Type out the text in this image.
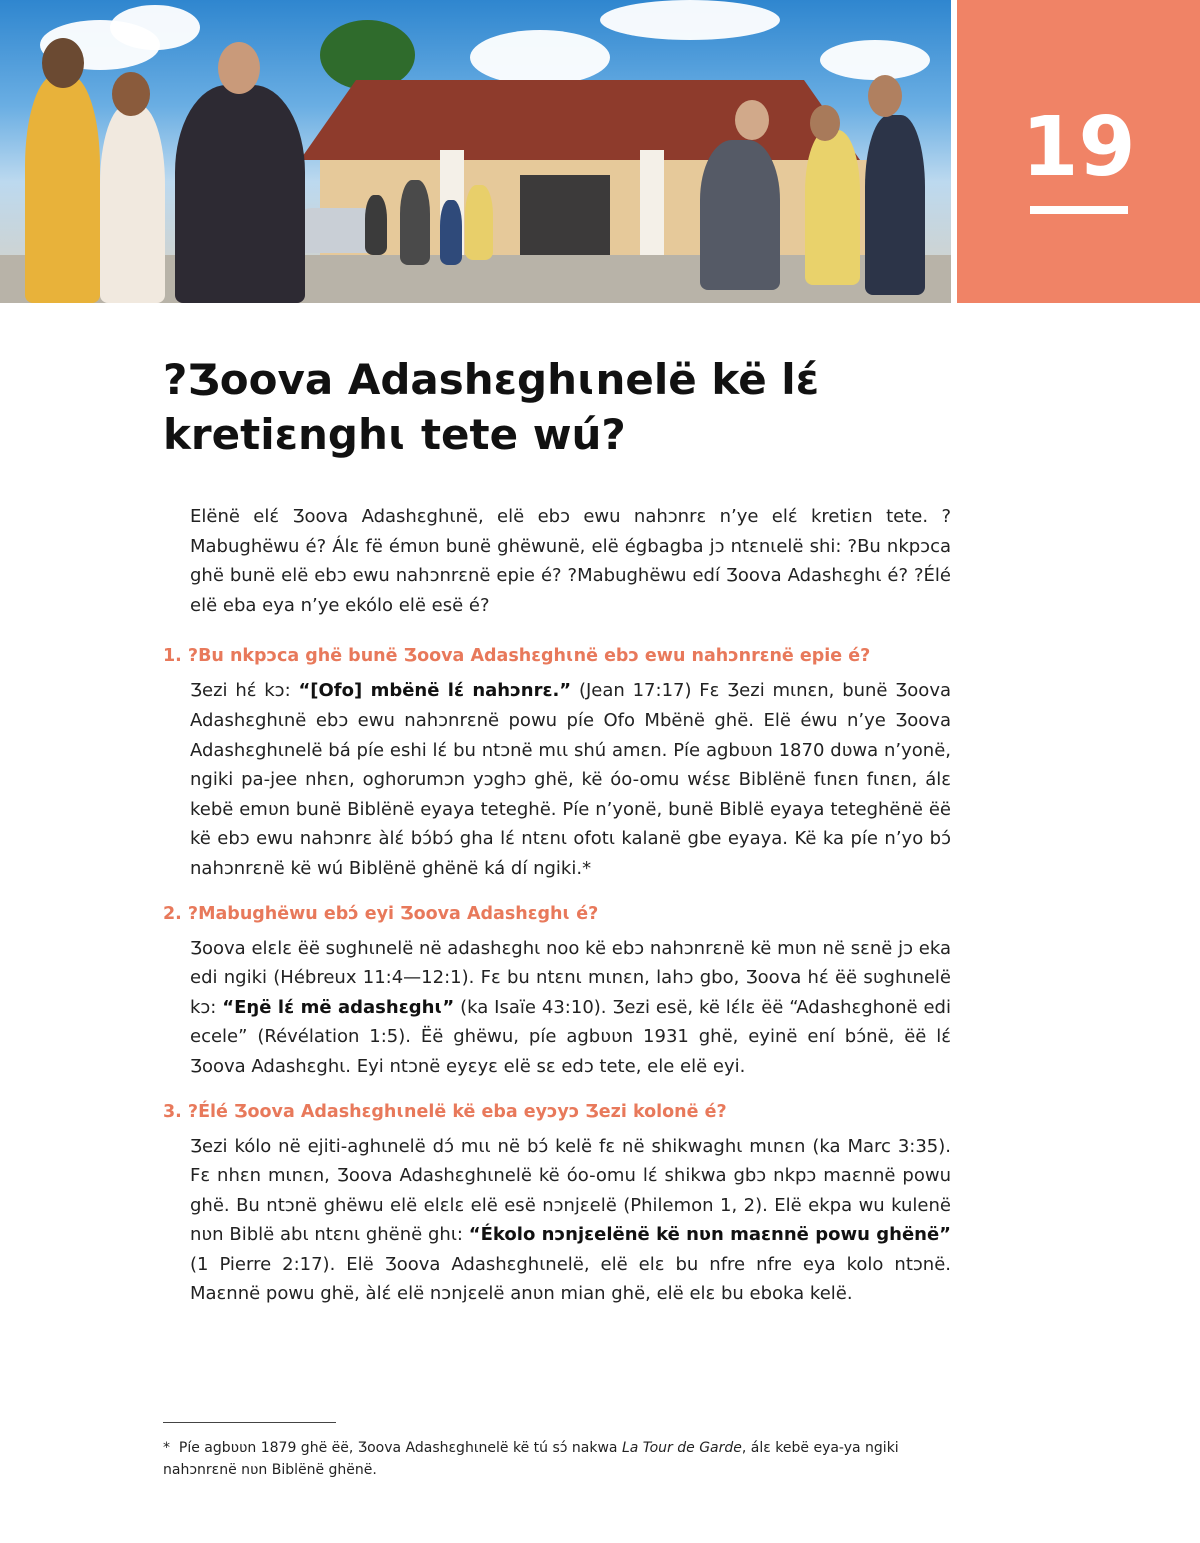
19
?Ʒoova Adashɛghɩnelë kë lɛ́ kretiɛnghɩ tete wú?

Elënë elɛ́ Ʒoova Adashɛghɩnë, elë ebɔ ewu nahɔnrɛ n’ye elɛ́ kretiɛn tete. ?Mabughëwu é? Álɛ fë émʋn bunë ghëwunë, elë égbagba jɔ ntɛnɩelë shi: ?Bu nkpɔca ghë bunë elë ebɔ ewu nahɔnrɛnë epie é? ?Mabughëwu edí Ʒoova Adashɛghɩ é? ?Élé elë eba eya n’ye ekólo elë esë é?

1. ?Bu nkpɔca ghë bunë Ʒoova Adashɛghɩnë ebɔ ewu nahɔnrɛnë epie é?

Ʒezi hɛ́ kɔ: “[Ofo] mbënë lɛ́ nahɔnrɛ.” (Jean 17:17) Fɛ Ʒezi mɩnɛn, bunë Ʒoova Adashɛghɩnë ebɔ ewu nahɔnrɛnë powu píe Ofo Mbënë ghë. Elë éwu n’ye Ʒoova Adashɛghɩnelë bá píe eshi lɛ́ bu ntɔnë mɩɩ shú amɛn. Píe agbʋʋn 1870 dʋwa n’yonë, ngiki pa-jee nhɛn, oghorumɔn yɔghɔ ghë, kë óo-omu wɛ́sɛ Biblënë fɩnɛn fɩnɛn, álɛ kebë emʋn bunë Biblënë eyaya teteghë. Píe n’yonë, bunë Biblë eyaya teteghënë ëë kë ebɔ ewu nahɔnrɛ àlɛ́ bɔ́bɔ́ gha lɛ́ ntɛnɩ ofotɩ kalanë gbe eyaya. Kë ka píe n’yo bɔ́ nahɔnrɛnë kë wú Biblënë ghënë ká dí ngiki.*

2. ?Mabughëwu ebɔ́ eyi Ʒoova Adashɛghɩ é?

Ʒoova elɛlɛ ëë sʋghɩnelë në adashɛghɩ noo kë ebɔ nahɔnrɛnë kë mʋn në sɛnë jɔ eka edi ngiki (Hébreux 11:4—12:1). Fɛ bu ntɛnɩ mɩnɛn, lahɔ gbo, Ʒoova hɛ́ ëë sʋghɩnelë kɔ: “Eŋë lɛ́ më adashɛghɩ” (ka Isaïe 43:10). Ʒezi esë, kë lɛ́lɛ ëë “Adashɛghonë edi ecele” (Révélation 1:5). Ëë ghëwu, píe agbʋʋn 1931 ghë, eyinë ení bɔ́në, ëë lɛ́ Ʒoova Adashɛghɩ. Eyi ntɔnë eyɛyɛ elë sɛ edɔ tete, ele elë eyi.

3. ?Élé Ʒoova Adashɛghɩnelë kë eba eyɔyɔ Ʒezi kolonë é?

Ʒezi kólo në ejiti-aghɩnelë dɔ́ mɩɩ në bɔ́ kelë fɛ në shikwaghɩ mɩnɛn (ka Marc 3:35). Fɛ nhɛn mɩnɛn, Ʒoova Adashɛghɩnelë kë óo-omu lɛ́ shikwa gbɔ nkpɔ maɛnnë powu ghë. Bu ntɔnë ghëwu elë elɛlɛ elë esë nɔnjɛelë (Philemon 1, 2). Elë ekpa wu kulenë nʋn Biblë abɩ ntɛnɩ ghënë ghɩ: “Ékolo nɔnjɛelënë kë nʋn maɛnnë powu ghënë” (1 Pierre 2:17). Elë Ʒoova Adashɛghɩnelë, elë elɛ bu nfre nfre eya kolo ntɔnë. Maɛnnë powu ghë, àlɛ́ elë nɔnjɛelë anʋn mian ghë, elë elɛ bu eboka kelë.

* Píe agbʋʋn 1879 ghë ëë, Ʒoova Adashɛghɩnelë kë tú sɔ́ nakwa La Tour de Garde, álɛ kebë eya-ya ngiki nahɔnrɛnë nʋn Biblënë ghënë.
